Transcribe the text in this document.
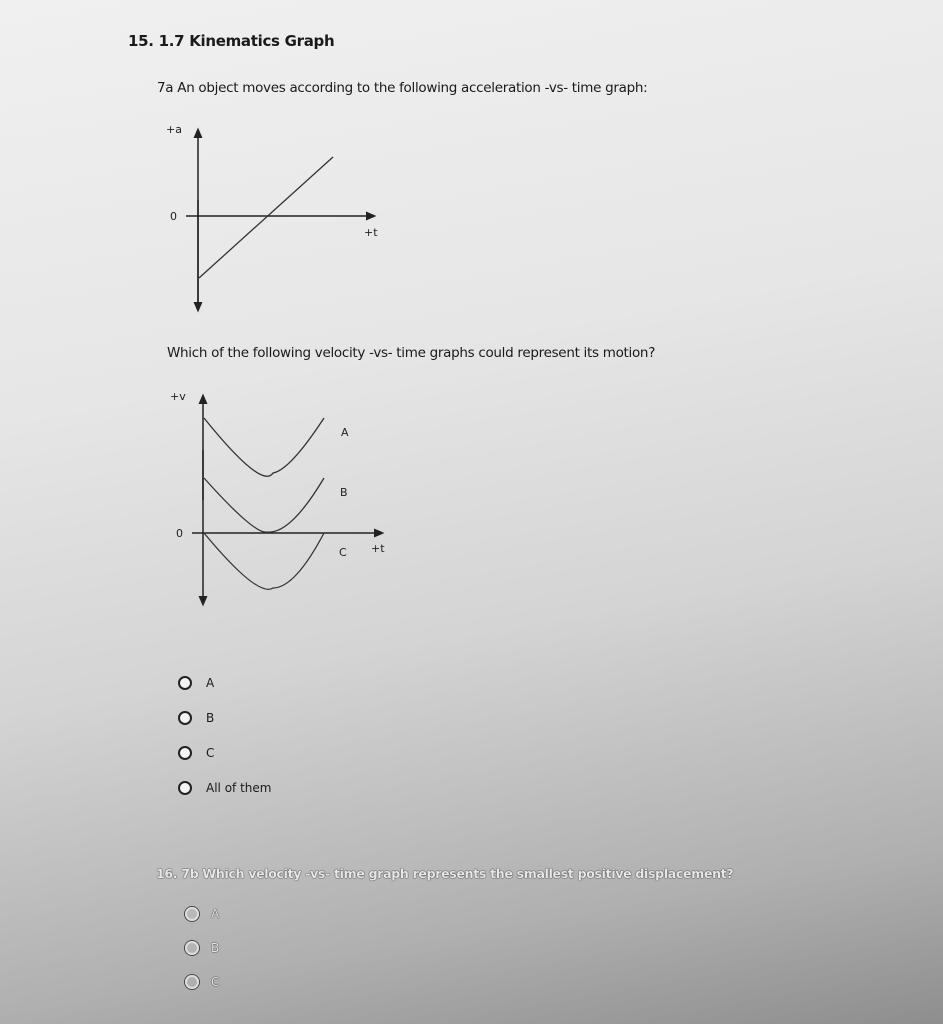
15. 1.7 Kinematics Graph
7a An object moves according to the following acceleration -vs- time graph:
+a
0
+t
+v
0
+t
A
B
C
Which of the following velocity -vs- time graphs could represent its motion?
A
B
C
All of them
16. 7b Which velocity -vs- time graph represents the smallest positive displacement?
A
B
C
